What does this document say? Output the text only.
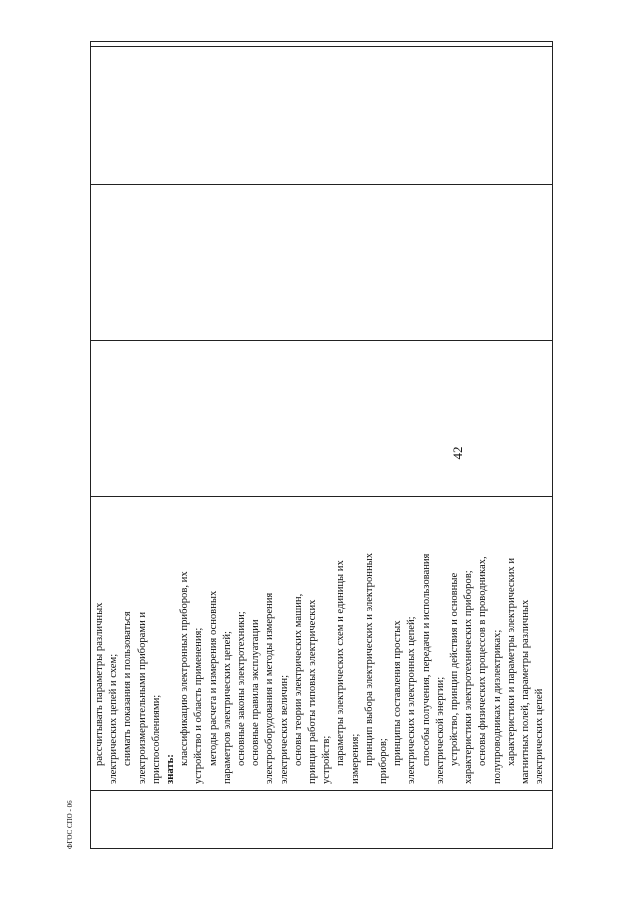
42
ФГОС СПО - 06
рассчитывать параметры различных электрических цепей и схем; снимать показания и пользоваться электроизмерительными приборами и приспособлениями; знать:
классификацию электронных приборов, их устройство и область применения; методы расчета и измерения основных параметров электрических цепей; основные законы электротехники; основные правила эксплуатации электрооборудования и методы измерения электрических величин; основы теории электрических машин, принцип работы типовых электрических устройств; параметры электрических схем и единицы их измерения; принцип выбора электрических и электронных приборов; принципы составления простых электрических и электронных цепей; способы получения, передачи и использования электрической энергии; устройство, принцип действия и основные характеристики электротехнических приборов; основы физических процессов в проводниках, полупроводниках и диэлектриках; характеристики и параметры электрических и магнитных полей, параметры различных электрических цепей
